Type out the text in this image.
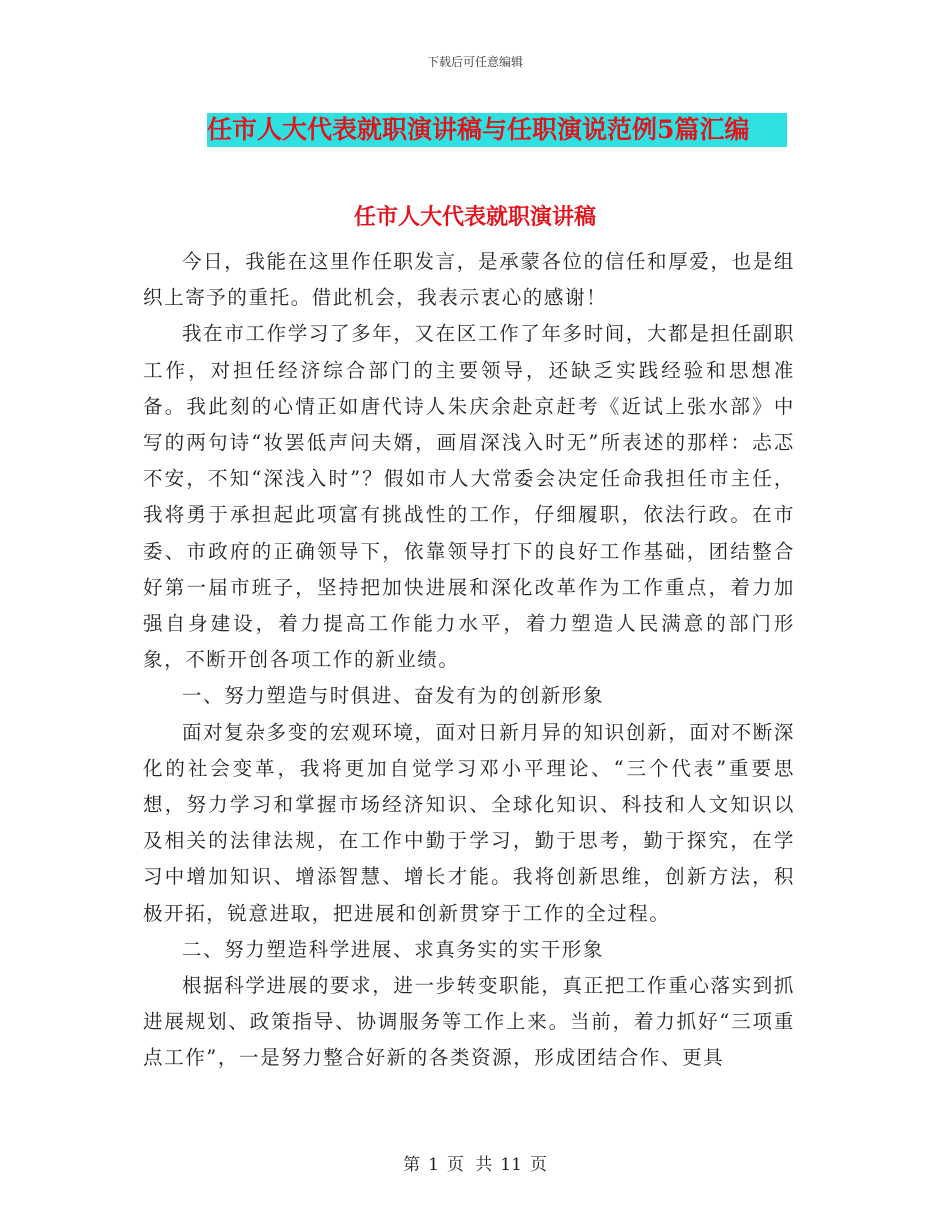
下载后可任意编辑
任市人大代表就职演讲稿与任职演说范例5篇汇编
任市人大代表就职演讲稿

今日，我能在这里作任职发言，是承蒙各位的信任和厚爱，也是组织上寄予的重托。借此机会，我表示衷心的感谢！

我在市工作学习了多年，又在区工作了年多时间，大都是担任副职工作，对担任经济综合部门的主要领导，还缺乏实践经验和思想准备。我此刻的心情正如唐代诗人朱庆余赴京赶考《近试上张水部》中写的两句诗“妆罢低声问夫婿，画眉深浅入时无”所表述的那样：忐忑不安，不知“深浅入时”？假如市人大常委会决定任命我担任市主任，我将勇于承担起此项富有挑战性的工作，仔细履职，依法行政。在市委、市政府的正确领导下，依靠领导打下的良好工作基础，团结整合好第一届市班子，坚持把加快进展和深化改革作为工作重点，着力加强自身建设，着力提高工作能力水平，着力塑造人民满意的部门形象，不断开创各项工作的新业绩。

一、努力塑造与时俱进、奋发有为的创新形象

面对复杂多变的宏观环境，面对日新月异的知识创新，面对不断深化的社会变革，我将更加自觉学习邓小平理论、“三个代表”重要思想，努力学习和掌握市场经济知识、全球化知识、科技和人文知识以及相关的法律法规，在工作中勤于学习，勤于思考，勤于探究，在学习中增加知识、增添智慧、增长才能。我将创新思维，创新方法，积极开拓，锐意进取，把进展和创新贯穿于工作的全过程。

二、努力塑造科学进展、求真务实的实干形象

根据科学进展的要求，进一步转变职能，真正把工作重心落实到抓进展规划、政策指导、协调服务等工作上来。当前，着力抓好“三项重点工作”，一是努力整合好新的各类资源，形成团结合作、更具

第 1 页 共 11 页
